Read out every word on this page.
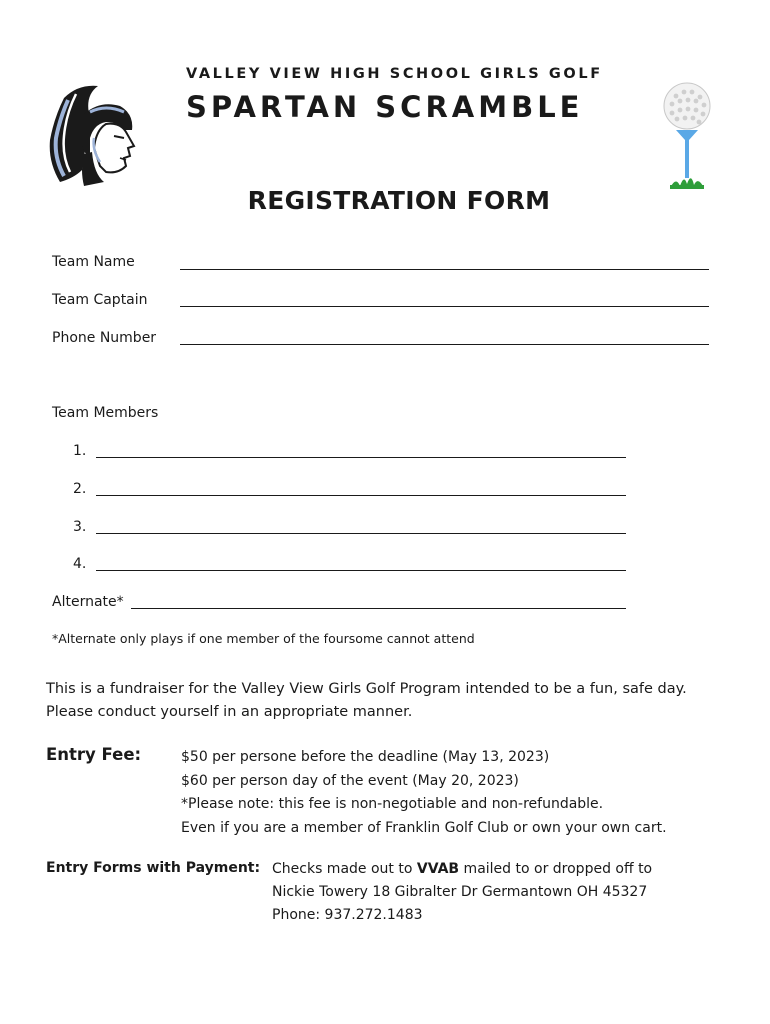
VALLEY VIEW HIGH SCHOOL GIRLS GOLF
SPARTAN SCRAMBLE
REGISTRATION FORM
Team Name
Team Captain
Phone Number
Team Members
1.
2.
3.
4.
Alternate*
*Alternate only plays if one member of the foursome cannot attend
This is a fundraiser for the Valley View Girls Golf Program intended to be a fun, safe day.
Please conduct yourself in an appropriate manner.
Entry Fee:	$50 per persone before the deadline (May 13, 2023)
$60 per person day of the event (May 20, 2023)
*Please note: this fee is non-negotiable and non-refundable.
Even if you are a member of Franklin Golf Club or own your own cart.
Entry Forms with Payment: Checks made out to VVAB mailed to or dropped off to
Nickie Towery 18 Gibralter Dr Germantown OH 45327
Phone: 937.272.1483
